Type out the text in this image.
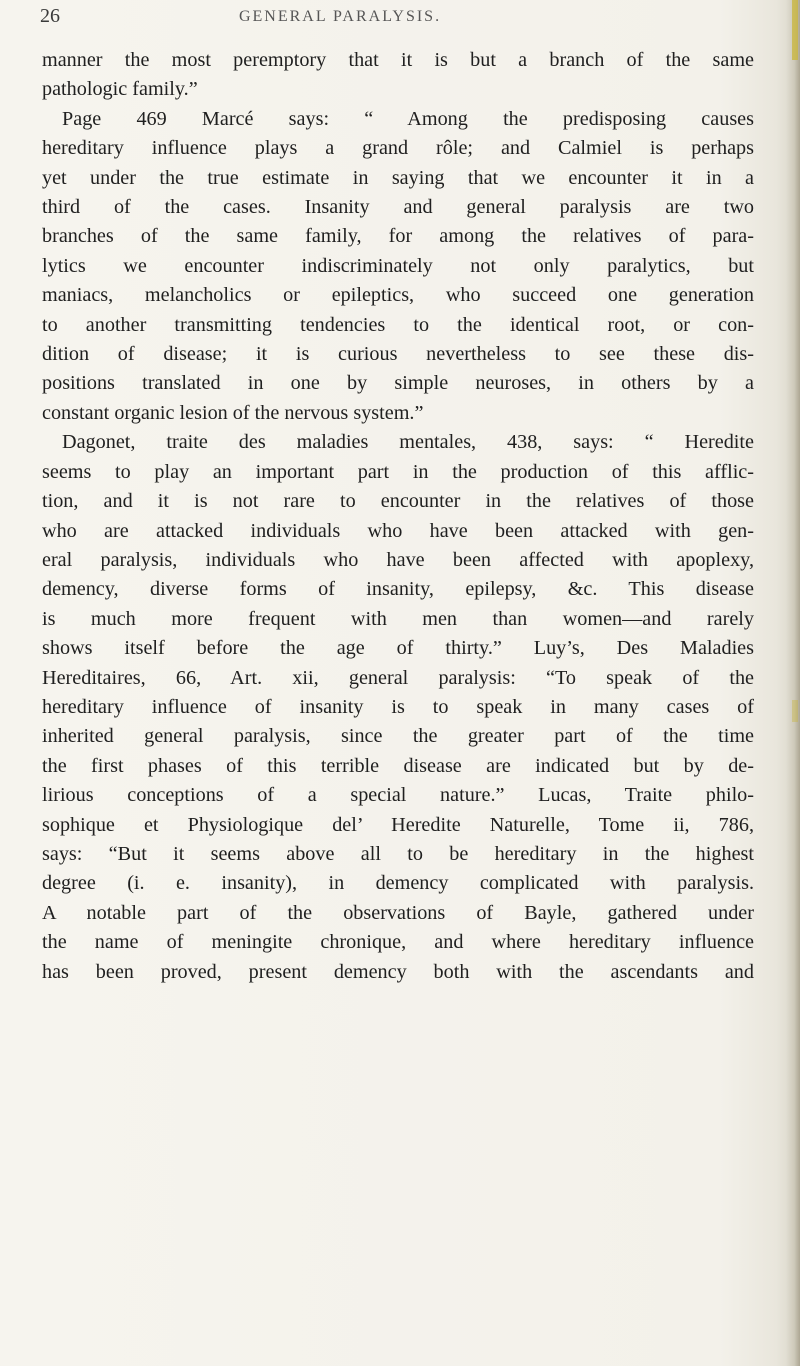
26	GENERAL PARALYSIS.
manner the most peremptory that it is but a branch of the same
pathologic family.”
Page 469 Marcé says: “ Among the predisposing causes
hereditary influence plays a grand rôle; and Calmiel is perhaps
yet under the true estimate in saying that we encounter it in a
third of the cases. Insanity and general paralysis are two
branches of the same family, for among the relatives of para-
lytics we encounter indiscriminately not only paralytics, but
maniacs, melancholics or epileptics, who succeed one generation
to another transmitting tendencies to the identical root, or con-
dition of disease; it is curious nevertheless to see these dis-
positions translated in one by simple neuroses, in others by a
constant organic lesion of the nervous system.”
Dagonet, traite des maladies mentales, 438, says: “ Heredite
seems to play an important part in the production of this afflic-
tion, and it is not rare to encounter in the relatives of those
who are attacked individuals who have been attacked with gen-
eral paralysis, individuals who have been affected with apoplexy,
demency, diverse forms of insanity, epilepsy, &c. This disease
is much more frequent with men than women—and rarely
shows itself before the age of thirty.” Luy’s, Des Maladies
Hereditaires, 66, Art. xii, general paralysis: “To speak of the
hereditary influence of insanity is to speak in many cases of
inherited general paralysis, since the greater part of the time
the first phases of this terrible disease are indicated but by de-
lirious conceptions of a special nature.” Lucas, Traite philo-
sophique et Physiologique del’ Heredite Naturelle, Tome ii, 786,
says: “But it seems above all to be hereditary in the highest
degree (i. e. insanity), in demency complicated with paralysis.
A notable part of the observations of Bayle, gathered under
the name of meningite chronique, and where hereditary influence
has been proved, present demency both with the ascendants and
